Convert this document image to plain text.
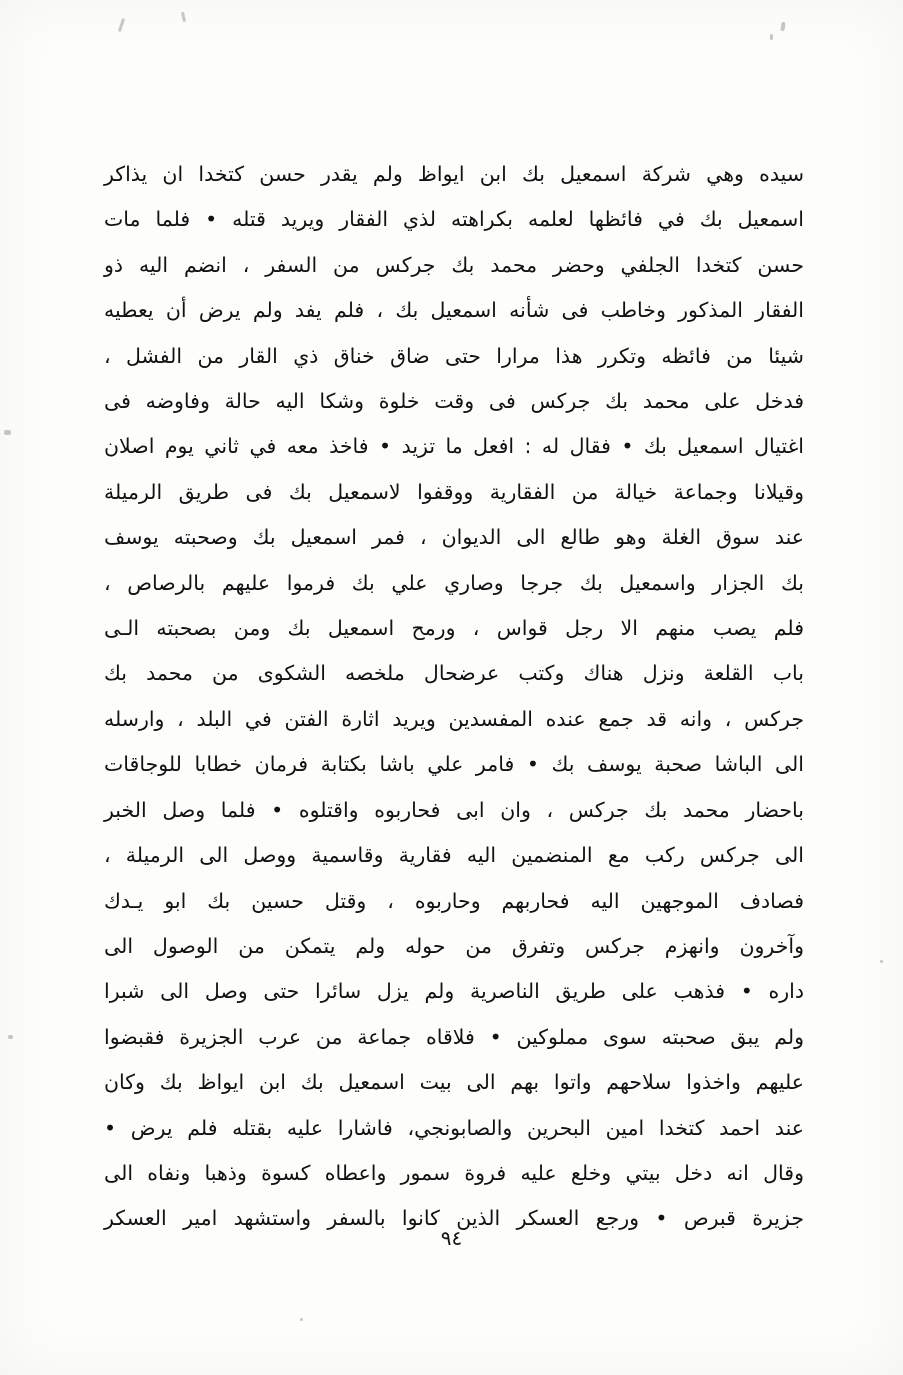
سيده وهي شركة اسمعيل بك ابن ايواظ ولم يقدر حسن كتخدا ان يذاكر

اسمعيل بك في فائظها لعلمه بكراهته لذي الفقار ويريد قتله • فلما مات

حسن كتخدا الجلفي وحضر محمد بك جركس من السفر ، انضم اليه ذو

الفقار المذكور وخاطب فى شأنه اسمعيل بك ، فلم يفد ولم يرض أن يعطيه

شيئا من فائظه وتكرر هذا مرارا حتى ضاق خناق ذي القار من الفشل ،

فدخل على محمد بك جركس فى وقت خلوة وشكا اليه حالة وفاوضه فى

اغتيال اسمعيل بك • فقال له : افعل ما تزيد • فاخذ معه في ثاني يوم اصلان

وقيلانا وجماعة خيالة من الفقارية ووقفوا لاسمعيل بك فى طريق الرميلة

عند سوق الغلة وهو طالع الى الديوان ، فمر اسمعيل بك وصحبته يوسف

بك الجزار واسمعيل بك جرجا وصاري علي بك فرموا عليهم بالرصاص ،

فلم يصب منهم الا رجل قواس ، ورمح اسمعيل بك ومن بصحبته الـى

باب القلعة ونزل هناك وكتب عرضحال ملخصه الشكوى من محمد بك

جركس ، وانه قد جمع عنده المفسدين ويريد اثارة الفتن في البلد ، وارسله

الى الباشا صحبة يوسف بك • فامر علي باشا بكتابة فرمان خطابا للوجاقات

باحضار محمد بك جركس ، وان ابى فحاربوه واقتلوه • فلما وصل الخبر

الى جركس ركب مع المنضمين اليه فقارية وقاسمية ووصل الى الرميلة ،

فصادف الموجهين اليه فحاربهم وحاربوه ، وقتل حسين بك ابو يـدك

وآخرون وانهزم جركس وتفرق من حوله ولم يتمكن من الوصول الى

داره • فذهب على طريق الناصرية ولم يزل سائرا حتى وصل الى شبرا

ولم يبق صحبته سوى مملوكين • فلاقاه جماعة من عرب الجزيرة فقبضوا

عليهم واخذوا سلاحهم واتوا بهم الى بيت اسمعيل بك ابن ايواظ بك وكان

عند احمد كتخدا امين البحرين والصابونجي، فاشارا عليه بقتله فلم يرض •

وقال انه دخل بيتي وخلع عليه فروة سمور واعطاه كسوة وذهبا ونفاه الى

جزيرة قبرص • ورجع العسكر الذين كانوا بالسفر واستشهد امير العسكر

٩٤
